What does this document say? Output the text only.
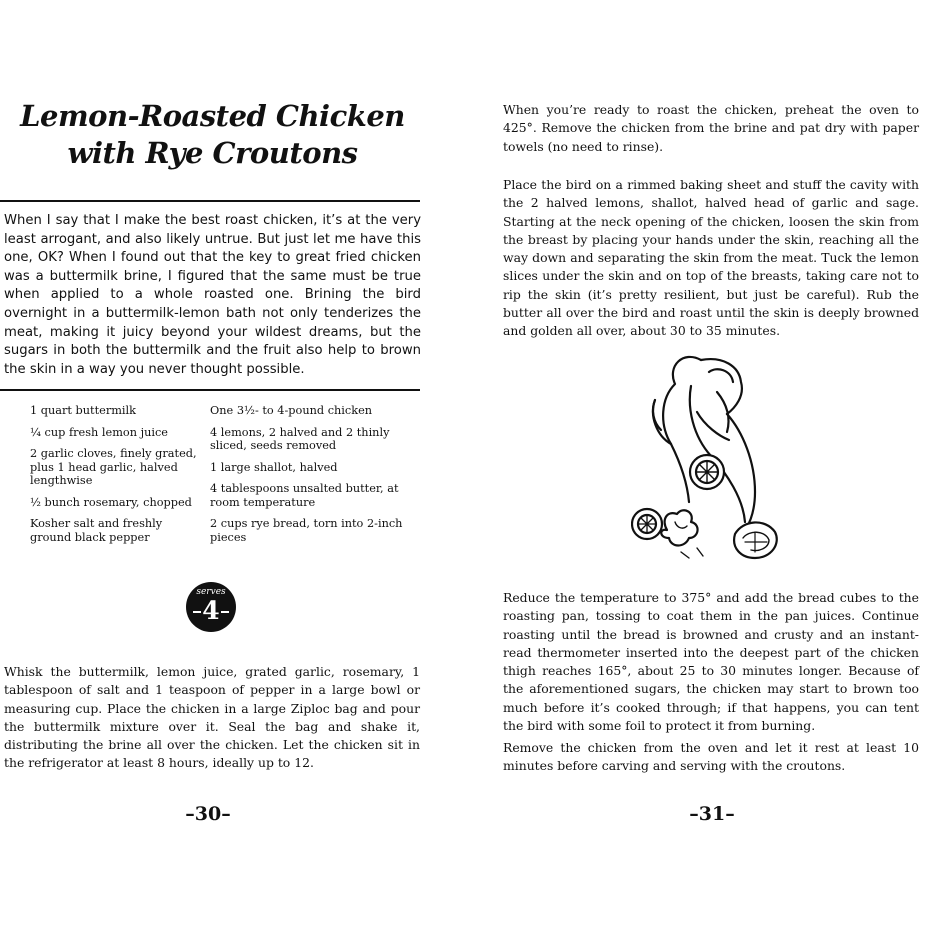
Lemon-Roasted Chicken
with Rye Croutons
When I say that I make the best roast chicken, it’s at the very least arrogant, and also likely untrue. But just let me have this one, OK? When I found out that the key to great fried chicken was a buttermilk brine, I figured that the same must be true when applied to a whole roasted one. Brining the bird overnight in a buttermilk-lemon bath not only tenderizes the meat, making it juicy beyond your wildest dreams, but the sugars in both the buttermilk and the fruit also help to brown the skin in a way you never thought possible.
1 quart buttermilk
¼ cup fresh lemon juice
2 garlic cloves, finely grated, plus 1 head garlic, halved lengthwise
½ bunch rosemary, chopped
Kosher salt and freshly ground black pepper
One 3½- to 4-pound chicken
4 lemons, 2 halved and 2 thinly sliced, seeds removed
1 large shallot, halved
4 tablespoons unsalted butter, at room temperature
2 cups rye bread, torn into 2-inch pieces
serves
4
Whisk the buttermilk, lemon juice, grated garlic, rosemary, 1 tablespoon of salt and 1 teaspoon of pepper in a large bowl or measuring cup. Place the chicken in a large Ziploc bag and pour the buttermilk mixture over it. Seal the bag and shake it, distributing the brine all over the chicken. Let the chicken sit in the refrigerator at least 8 hours, ideally up to 12.
–30–
When you’re ready to roast the chicken, preheat the oven to 425°. Remove the chicken from the brine and pat dry with paper towels (no need to rinse).
Place the bird on a rimmed baking sheet and stuff the cavity with the 2 halved lemons, shallot, halved head of garlic and sage. Starting at the neck opening of the chicken, loosen the skin from the breast by placing your hands under the skin, reaching all the way down and separating the skin from the meat. Tuck the lemon slices under the skin and on top of the breasts, taking care not to rip the skin (it’s pretty resilient, but just be careful). Rub the butter all over the bird and roast until the skin is deeply browned and golden all over, about 30 to 35 minutes.
Reduce the temperature to 375° and add the bread cubes to the roasting pan, tossing to coat them in the pan juices. Continue roasting until the bread is browned and crusty and an instant-read thermometer inserted into the deepest part of the chicken thigh reaches 165°, about 25 to 30 minutes longer. Because of the aforementioned sugars, the chicken may start to brown too much before it’s cooked through; if that happens, you can tent the bird with some foil to protect it from burning.
Remove the chicken from the oven and let it rest at least 10 minutes before carving and serving with the croutons.
–31–
